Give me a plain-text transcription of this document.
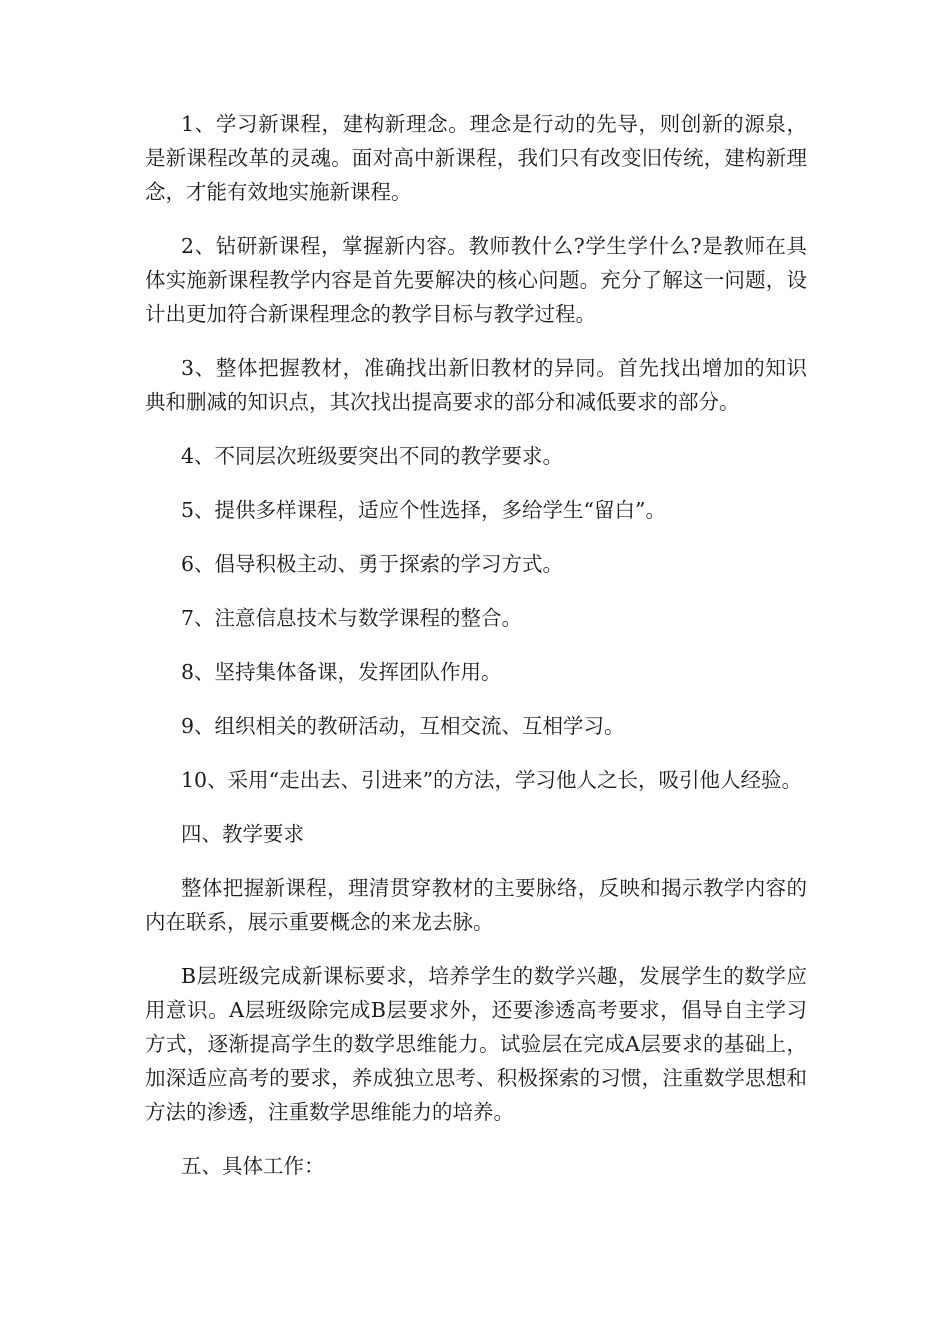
1、学习新课程，建构新理念。理念是行动的先导，则创新的源泉，是新课程改革的灵魂。面对高中新课程，我们只有改变旧传统，建构新理念，才能有效地实施新课程。

2、钻研新课程，掌握新内容。教师教什么?学生学什么?是教师在具体实施新课程教学内容是首先要解决的核心问题。充分了解这一问题，设计出更加符合新课程理念的教学目标与教学过程。

3、整体把握教材，准确找出新旧教材的异同。首先找出增加的知识典和删减的知识点，其次找出提高要求的部分和减低要求的部分。

4、不同层次班级要突出不同的教学要求。

5、提供多样课程，适应个性选择，多给学生“留白”。

6、倡导积极主动、勇于探索的学习方式。

7、注意信息技术与数学课程的整合。

8、坚持集体备课，发挥团队作用。

9、组织相关的教研活动，互相交流、互相学习。

10、采用“走出去、引进来”的方法，学习他人之长，吸引他人经验。

四、教学要求

整体把握新课程，理清贯穿教材的主要脉络，反映和揭示教学内容的内在联系，展示重要概念的来龙去脉。

B层班级完成新课标要求，培养学生的数学兴趣，发展学生的数学应用意识。A层班级除完成B层要求外，还要渗透高考要求，倡导自主学习方式，逐渐提高学生的数学思维能力。试验层在完成A层要求的基础上，加深适应高考的要求，养成独立思考、积极探索的习惯，注重数学思想和方法的渗透，注重数学思维能力的培养。

五、具体工作：
